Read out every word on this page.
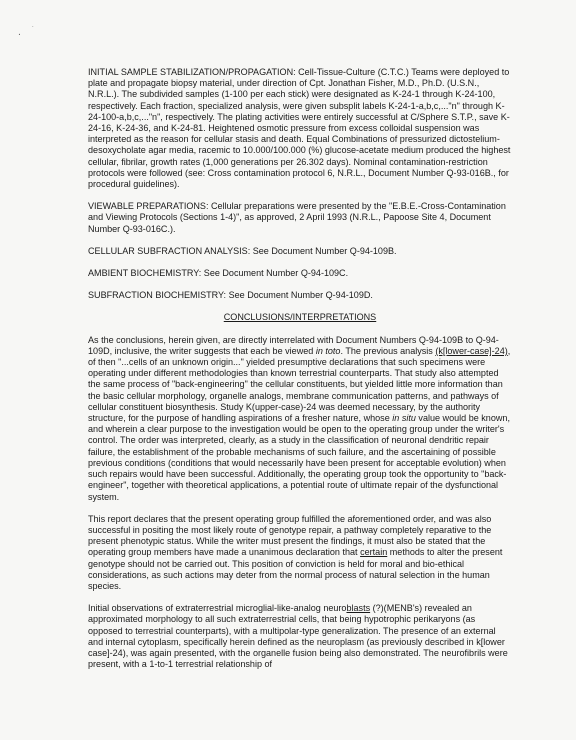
∙
∙

INITIAL SAMPLE STABILIZATION/PROPAGATION: Cell-Tissue-Culture (C.T.C.) Teams were deployed to plate and propagate biopsy material, under direction of Cpt. Jonathan Fisher, M.D., Ph.D. (U.S.N., N.R.L.). The subdivided samples (1-100 per each stick) were designated as K-24-1 through K-24-100, respectively. Each fraction, specialized analysis, were given subsplit labels K-24-1-a,b,c,..."n" through K-24-100-a,b,c,..."n", respectively. The plating activities were entirely successful at C/Sphere S.T.P., save K-24-16, K-24-36, and K-24-81. Heightened osmotic pressure from excess colloidal suspension was interpreted as the reason for cellular stasis and death. Equal Combinations of pressurized dictostelium-desoxycholate agar media, racemic to 10.000/100.000 (%) glucose-acetate medium produced the highest cellular, fibrilar, growth rates (1,000 generations per 26.302 days). Nominal contamination-restriction protocols were followed (see: Cross contamination protocol 6, N.R.L., Document Number Q-93-016B., for procedural guidelines).

VIEWABLE PREPARATIONS: Cellular preparations were presented by the "E.B.E.-Cross-Contamination and Viewing Protocols (Sections 1-4)", as approved, 2 April 1993 (N.R.L., Papoose Site 4, Document Number Q-93-016C.).

CELLULAR SUBFRACTION ANALYSIS: See Document Number Q-94-109B.

AMBIENT BIOCHEMISTRY: See Document Number Q-94-109C.

SUBFRACTION BIOCHEMISTRY: See Document Number Q-94-109D.

CONCLUSIONS/INTERPRETATIONS

As the conclusions, herein given, are directly interrelated with Document Numbers Q-94-109B to Q-94-109D, inclusive, the writer suggests that each be viewed in toto. The previous analysis (k[lower-case]-24), of then "...cells of an unknown origin..." yielded presumptive declarations that such specimens were operating under different methodologies than known terrestrial counterparts. That study also attempted the same process of "back-engineering" the cellular constituents, but yielded little more information than the basic cellular morphology, organelle analogs, membrane communication patterns, and pathways of cellular constituent biosynthesis. Study K(upper-case)-24 was deemed necessary, by the authority structure, for the purpose of handling aspirations of a fresher nature, whose in situ value would be known, and wherein a clear purpose to the investigation would be open to the operating group under the writer's control. The order was interpreted, clearly, as a study in the classification of neuronal dendritic repair failure, the establishment of the probable mechanisms of such failure, and the ascertaining of possible previous conditions (conditions that would necessarily have been present for acceptable evolution) when such repairs would have been successful. Additionally, the operating group took the opportunity to "back-engineer", together with theoretical applications, a potential route of ultimate repair of the dysfunctional system.

This report declares that the present operating group fulfilled the aforementioned order, and was also successful in positing the most likely route of genotype repair, a pathway completely reparative to the present phenotypic status. While the writer must present the findings, it must also be stated that the operating group members have made a unanimous declaration that certain methods to alter the present genotype should not be carried out. This position of conviction is held for moral and bio-ethical considerations, as such actions may deter from the normal process of natural selection in the human species.

Initial observations of extraterrestrial microglial-like-analog neuroblasts (?)(MENB's) revealed an approximated morphology to all such extraterrestrial cells, that being hypotrophic perikaryons (as opposed to terrestrial counterparts), with a multipolar-type generalization. The presence of an external and internal cytoplasm, specifically herein defined as the neuroplasm (as previously described in k[lower case]-24), was again presented, with the organelle fusion being also demonstrated. The neurofibrils were present, with a 1-to-1 terrestrial relationship of
